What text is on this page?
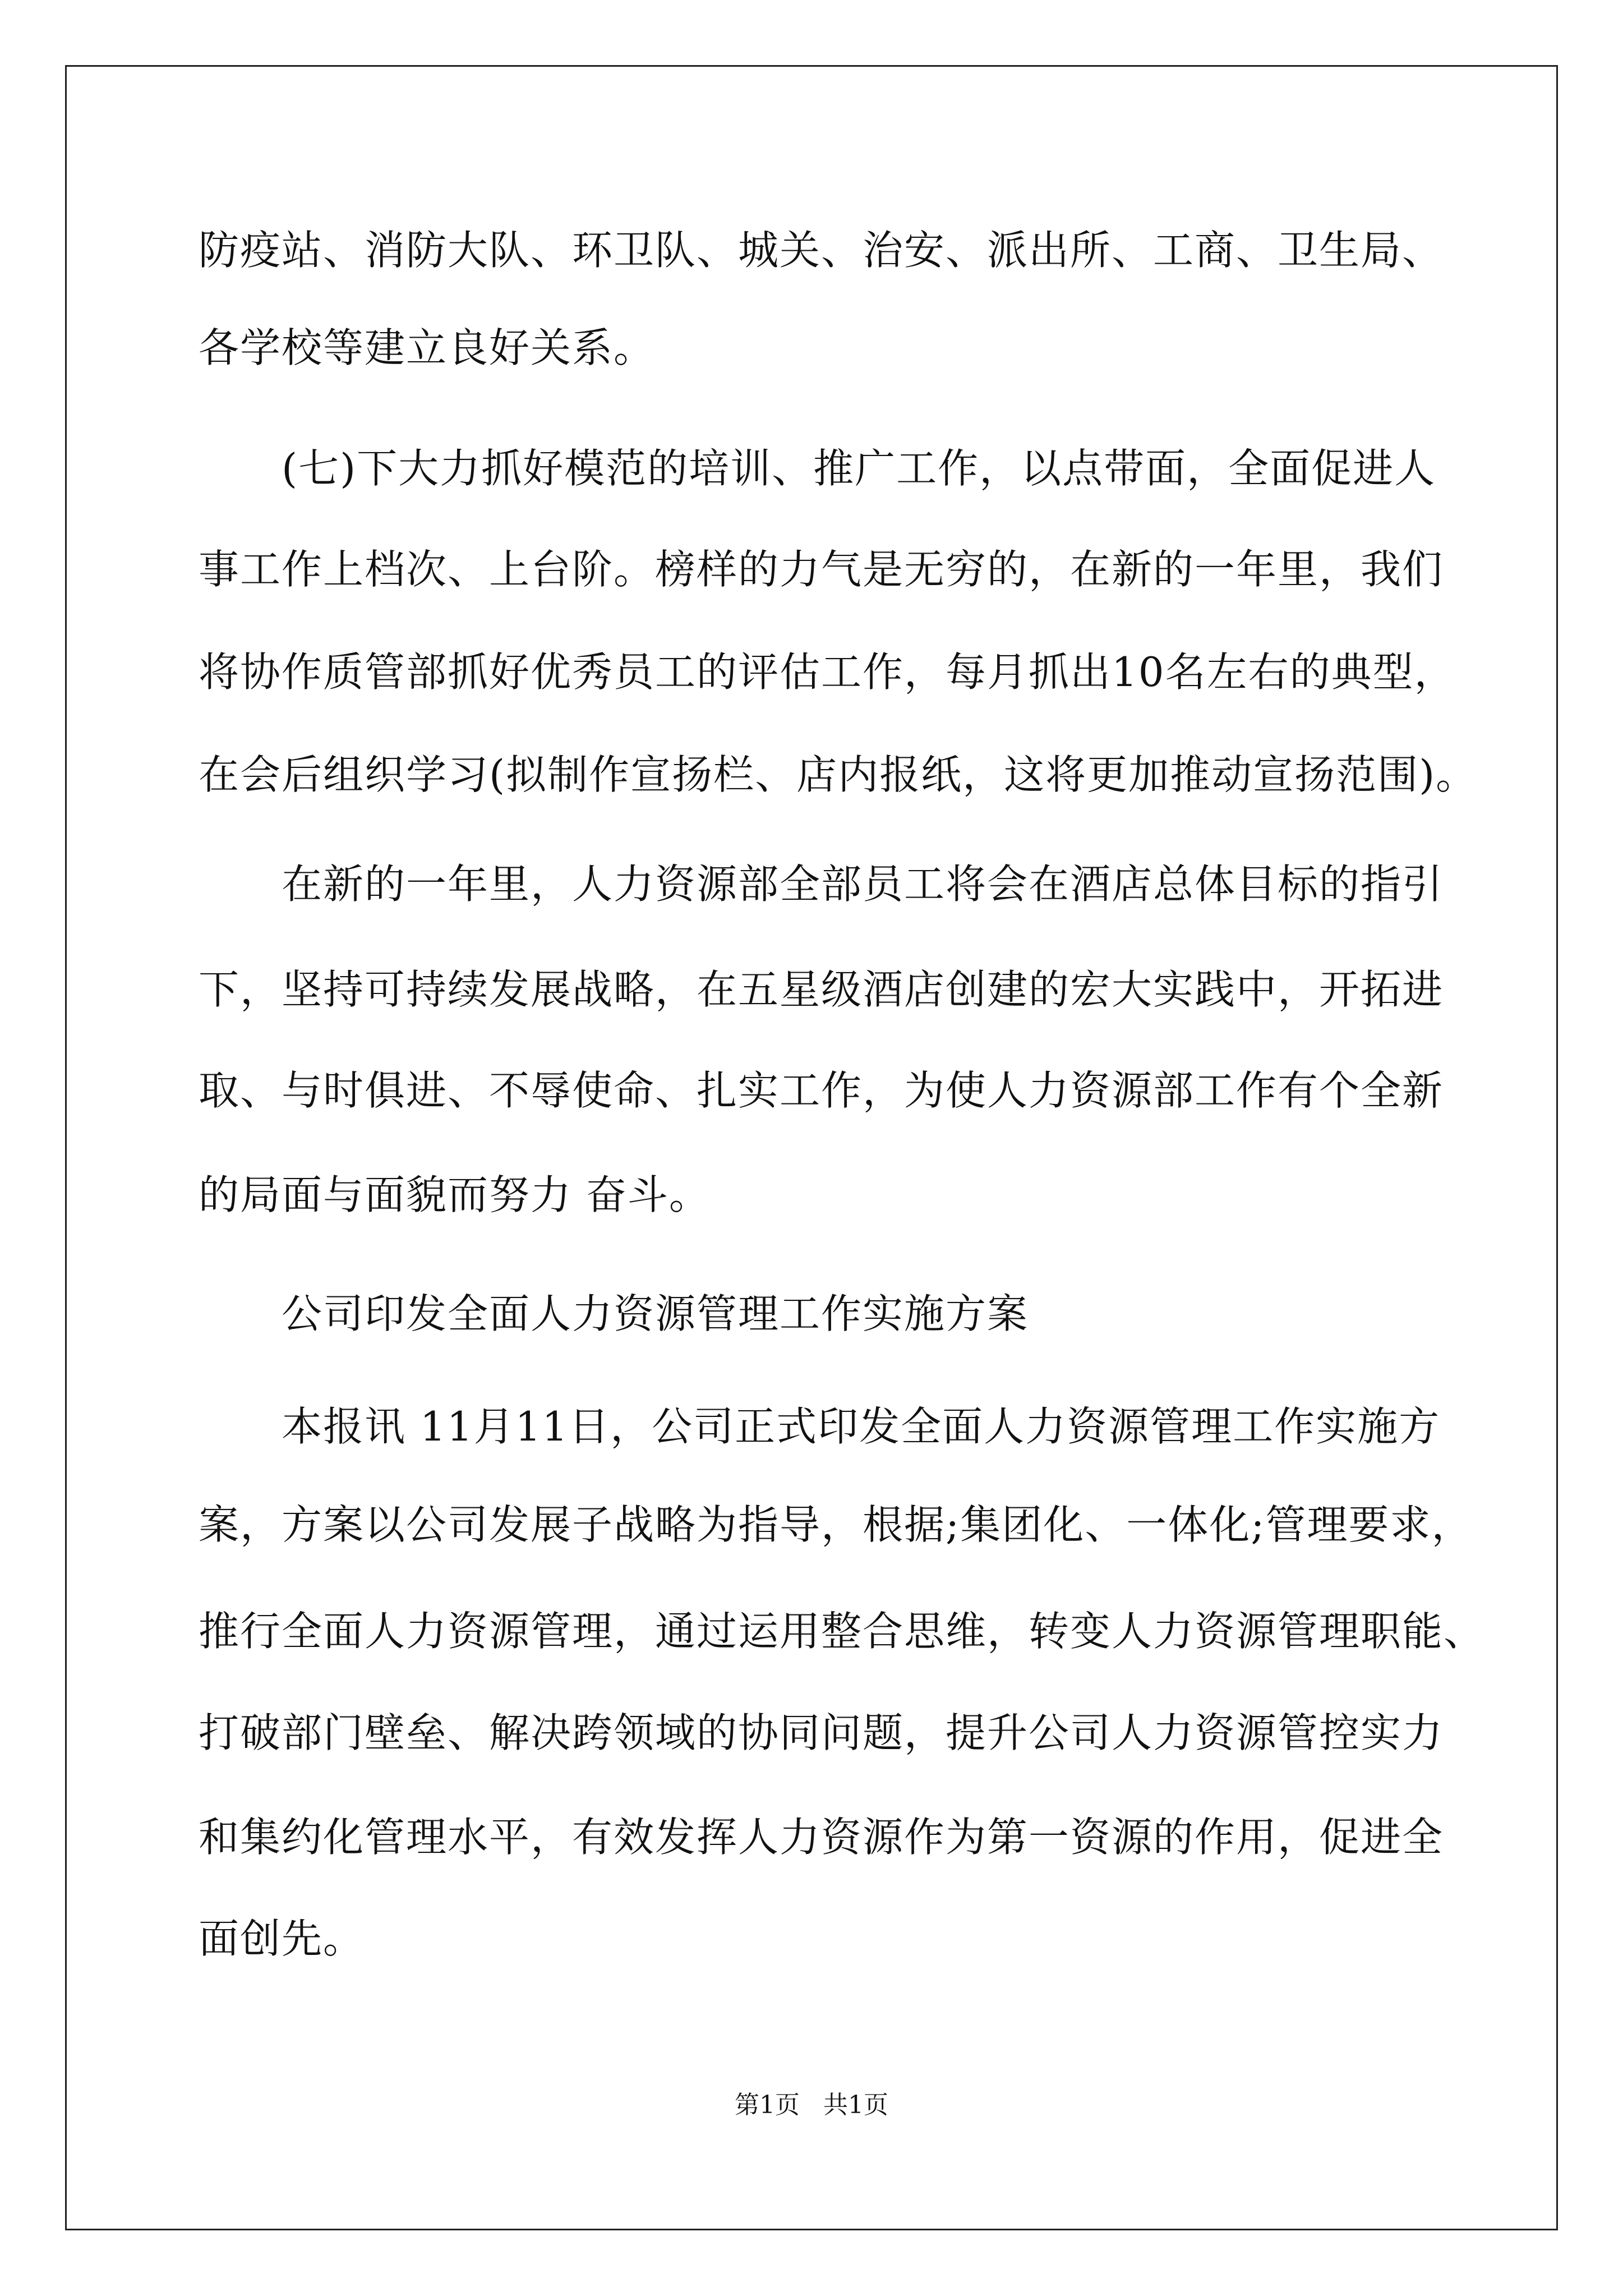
防疫站、消防大队、环卫队、城关、治安、派出所、工商、卫生局、
各学校等建立良好关系。
(七)下大力抓好模范的培训、推广工作，以点带面，全面促进人
事工作上档次、上台阶。榜样的力气是无穷的，在新的一年里，我们
将协作质管部抓好优秀员工的评估工作，每月抓出10名左右的典型，
在会后组织学习(拟制作宣扬栏、店内报纸，这将更加推动宣扬范围)。
在新的一年里，人力资源部全部员工将会在酒店总体目标的指引
下，坚持可持续发展战略，在五星级酒店创建的宏大实践中，开拓进
取、与时俱进、不辱使命、扎实工作，为使人力资源部工作有个全新
的局面与面貌而努力 奋斗。
公司印发全面人力资源管理工作实施方案
本报讯 11月11日，公司正式印发全面人力资源管理工作实施方
案，方案以公司发展子战略为指导，根据;集团化、一体化;管理要求，
推行全面人力资源管理，通过运用整合思维，转变人力资源管理职能、
打破部门壁垒、解决跨领域的协同问题，提升公司人力资源管控实力
和集约化管理水平，有效发挥人力资源作为第一资源的作用，促进全
面创先。
第1页   共1页
